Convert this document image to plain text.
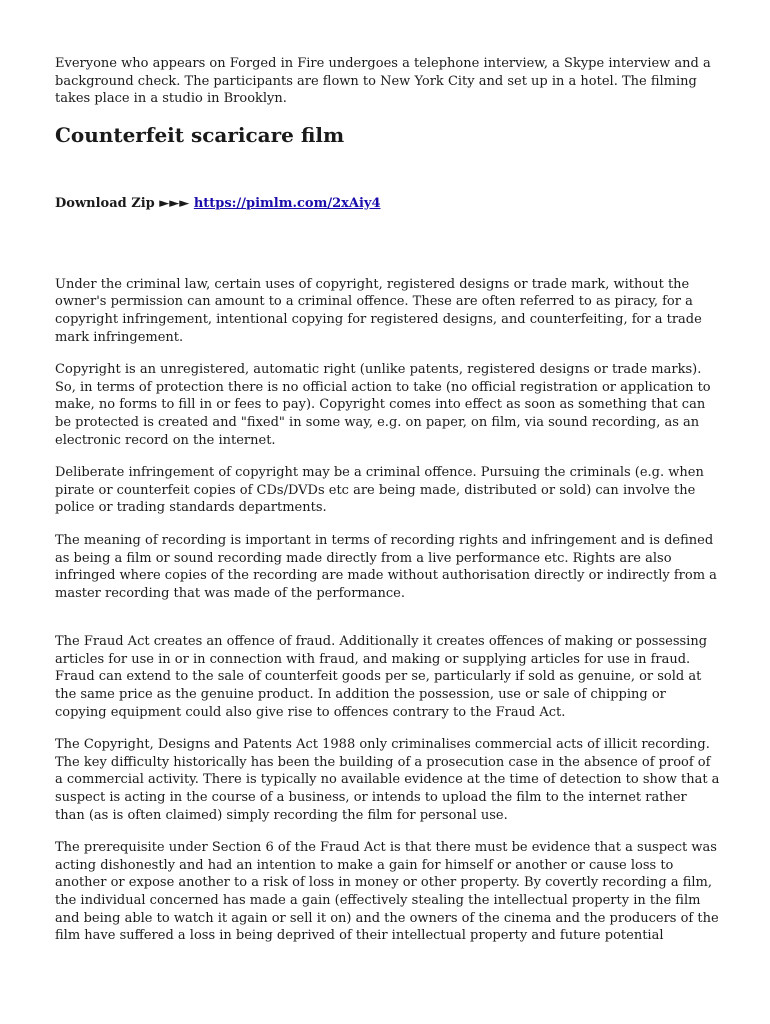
Everyone who appears on Forged in Fire undergoes a telephone interview, a Skype interview and a background check. The participants are flown to New York City and set up in a hotel. The filming takes place in a studio in Brooklyn.

Counterfeit scaricare film
Download Zip ►►► https://pimlm.com/2xAiy4

Under the criminal law, certain uses of copyright, registered designs or trade mark, without the owner's permission can amount to a criminal offence. These are often referred to as piracy, for a copyright infringement, intentional copying for registered designs, and counterfeiting, for a trade mark infringement.

Copyright is an unregistered, automatic right (unlike patents, registered designs or trade marks). So, in terms of protection there is no official action to take (no official registration or application to make, no forms to fill in or fees to pay). Copyright comes into effect as soon as something that can be protected is created and "fixed" in some way, e.g. on paper, on film, via sound recording, as an electronic record on the internet.

Deliberate infringement of copyright may be a criminal offence. Pursuing the criminals (e.g. when pirate or counterfeit copies of CDs/DVDs etc are being made, distributed or sold) can involve the police or trading standards departments.

The meaning of recording is important in terms of recording rights and infringement and is defined as being a film or sound recording made directly from a live performance etc. Rights are also infringed where copies of the recording are made without authorisation directly or indirectly from a master recording that was made of the performance.

The Fraud Act creates an offence of fraud. Additionally it creates offences of making or possessing articles for use in or in connection with fraud, and making or supplying articles for use in fraud. Fraud can extend to the sale of counterfeit goods per se, particularly if sold as genuine, or sold at the same price as the genuine product. In addition the possession, use or sale of chipping or copying equipment could also give rise to offences contrary to the Fraud Act.

The Copyright, Designs and Patents Act 1988 only criminalises commercial acts of illicit recording. The key difficulty historically has been the building of a prosecution case in the absence of proof of a commercial activity. There is typically no available evidence at the time of detection to show that a suspect is acting in the course of a business, or intends to upload the film to the internet rather than (as is often claimed) simply recording the film for personal use.

The prerequisite under Section 6 of the Fraud Act is that there must be evidence that a suspect was acting dishonestly and had an intention to make a gain for himself or another or cause loss to another or expose another to a risk of loss in money or other property. By covertly recording a film, the individual concerned has made a gain (effectively stealing the intellectual property in the film and being able to watch it again or sell it on) and the owners of the cinema and the producers of the film have suffered a loss in being deprived of their intellectual property and future potential
